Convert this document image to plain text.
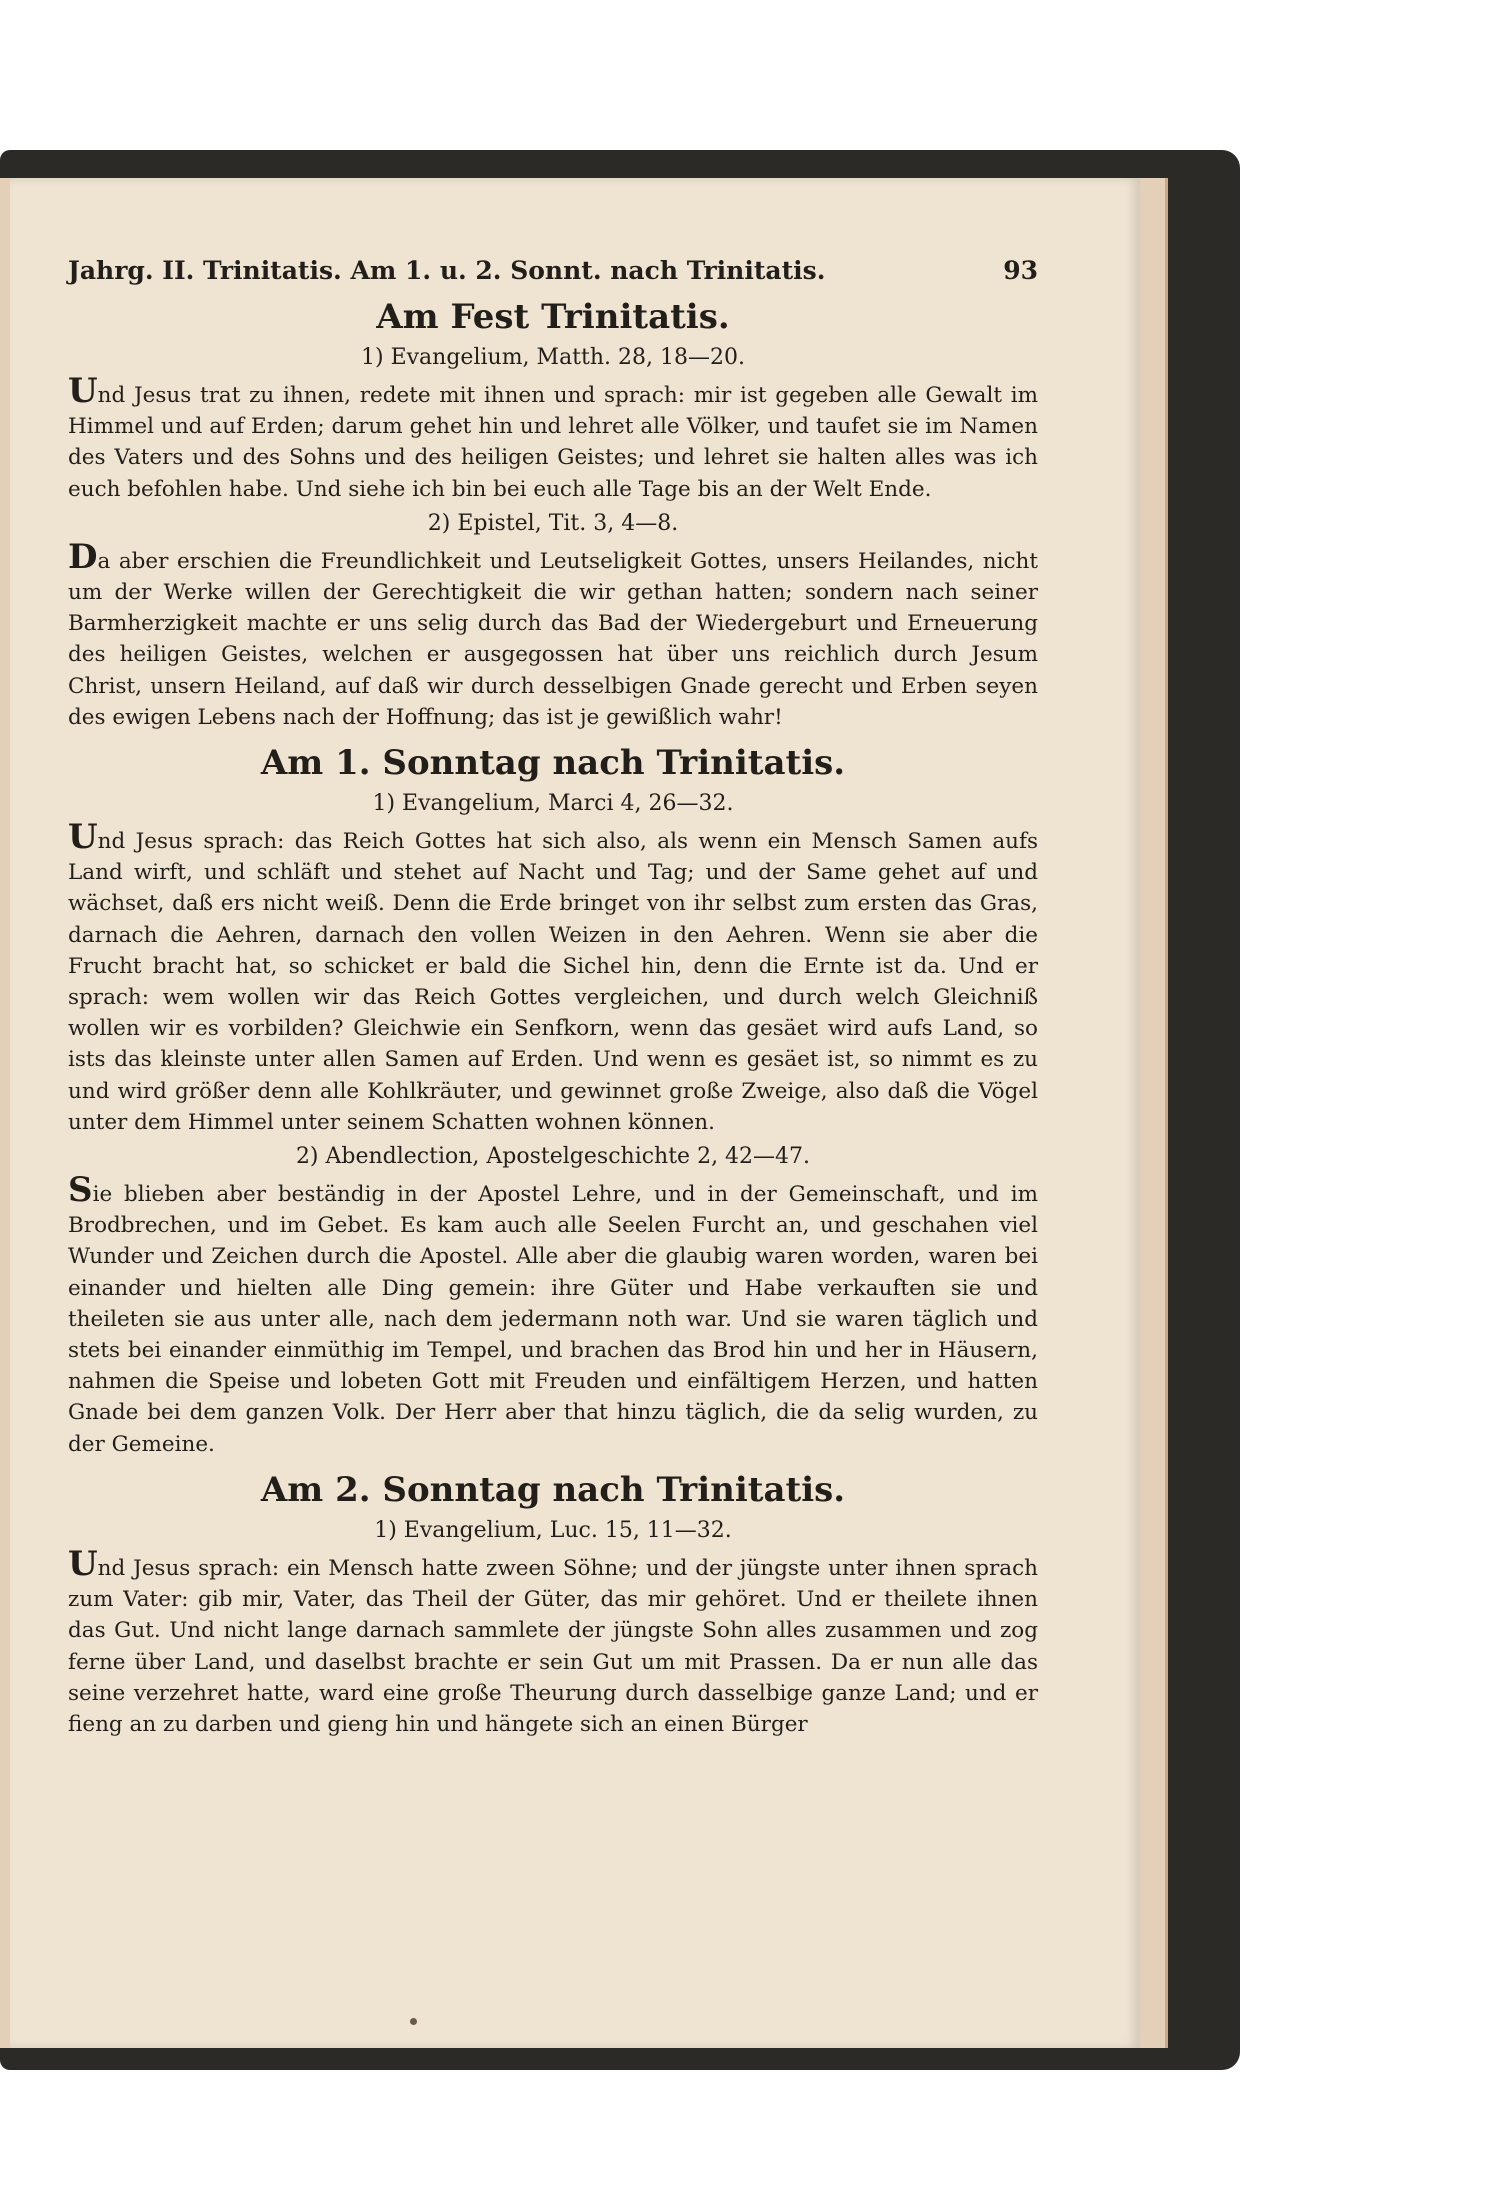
Jahrg. II. Trinitatis. Am 1. u. 2. Sonnt. nach Trinitatis.	93
Am Fest Trinitatis.
1) Evangelium, Matth. 28, 18—20.

Und Jesus trat zu ihnen, redete mit ihnen und sprach: mir ist gegeben alle Gewalt im Himmel und auf Erden; darum gehet hin und lehret alle Völker, und taufet sie im Namen des Vaters und des Sohns und des heiligen Geistes; und lehret sie halten alles was ich euch befohlen habe. Und siehe ich bin bei euch alle Tage bis an der Welt Ende.

2) Epistel, Tit. 3, 4—8.

Da aber erschien die Freundlichkeit und Leutseligkeit Gottes, unsers Heilandes, nicht um der Werke willen der Gerechtigkeit die wir gethan hatten; sondern nach seiner Barmherzigkeit machte er uns selig durch das Bad der Wiedergeburt und Erneuerung des heiligen Geistes, welchen er ausgegossen hat über uns reichlich durch Jesum Christ, unsern Heiland, auf daß wir durch desselbigen Gnade gerecht und Erben seyen des ewigen Lebens nach der Hoffnung; das ist je gewißlich wahr!

Am 1. Sonntag nach Trinitatis.
1) Evangelium, Marci 4, 26—32.

Und Jesus sprach: das Reich Gottes hat sich also, als wenn ein Mensch Samen aufs Land wirft, und schläft und stehet auf Nacht und Tag; und der Same gehet auf und wächset, daß ers nicht weiß. Denn die Erde bringet von ihr selbst zum ersten das Gras, darnach die Aehren, darnach den vollen Weizen in den Aehren. Wenn sie aber die Frucht bracht hat, so schicket er bald die Sichel hin, denn die Ernte ist da. Und er sprach: wem wollen wir das Reich Gottes vergleichen, und durch welch Gleichniß wollen wir es vorbilden? Gleichwie ein Senfkorn, wenn das gesäet wird aufs Land, so ists das kleinste unter allen Samen auf Erden. Und wenn es gesäet ist, so nimmt es zu und wird größer denn alle Kohlkräuter, und gewinnet große Zweige, also daß die Vögel unter dem Himmel unter seinem Schatten wohnen können.

2) Abendlection, Apostelgeschichte 2, 42—47.

Sie blieben aber beständig in der Apostel Lehre, und in der Gemeinschaft, und im Brodbrechen, und im Gebet. Es kam auch alle Seelen Furcht an, und geschahen viel Wunder und Zeichen durch die Apostel. Alle aber die glaubig waren worden, waren bei einander und hielten alle Ding gemein: ihre Güter und Habe verkauften sie und theileten sie aus unter alle, nach dem jedermann noth war. Und sie waren täglich und stets bei einander einmüthig im Tempel, und brachen das Brod hin und her in Häusern, nahmen die Speise und lobeten Gott mit Freuden und einfältigem Herzen, und hatten Gnade bei dem ganzen Volk. Der Herr aber that hinzu täglich, die da selig wurden, zu der Gemeine.

Am 2. Sonntag nach Trinitatis.
1) Evangelium, Luc. 15, 11—32.

Und Jesus sprach: ein Mensch hatte zween Söhne; und der jüngste unter ihnen sprach zum Vater: gib mir, Vater, das Theil der Güter, das mir gehöret. Und er theilete ihnen das Gut. Und nicht lange darnach sammlete der jüngste Sohn alles zusammen und zog ferne über Land, und daselbst brachte er sein Gut um mit Prassen. Da er nun alle das seine verzehret hatte, ward eine große Theurung durch dasselbige ganze Land; und er fieng an zu darben und gieng hin und hängete sich an einen Bürger
